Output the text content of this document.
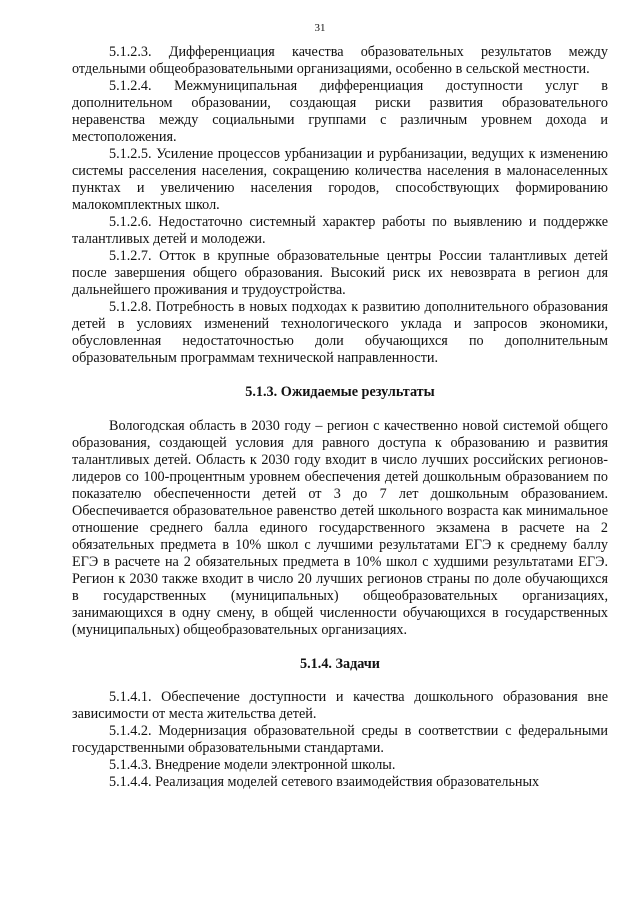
31

5.1.2.3. Дифференциация качества образовательных результатов между отдельными общеобразовательными организациями, особенно в сельской местности.

5.1.2.4. Межмуниципальная дифференциация доступности услуг в дополнительном образовании, создающая риски развития образовательного неравенства между социальными группами с различным уровнем дохода и местоположения.

5.1.2.5. Усиление процессов урбанизации и рурбанизации, ведущих к изменению системы расселения населения, сокращению количества населения в малонаселенных пунктах и увеличению населения городов, способствующих формированию малокомплектных школ.

5.1.2.6. Недостаточно системный характер работы по выявлению и поддержке талантливых детей и молодежи.

5.1.2.7. Отток в крупные образовательные центры России талантливых детей после завершения общего образования. Высокий риск их невозврата в регион для дальнейшего проживания и трудоустройства.

5.1.2.8. Потребность в новых подходах к развитию дополнительного образования детей в условиях изменений технологического уклада и запросов экономики, обусловленная недостаточностью доли обучающихся по дополнительным образовательным программам технической направленности.

5.1.3. Ожидаемые результаты

Вологодская область в 2030 году – регион с качественно новой системой общего образования, создающей условия для равного доступа к образованию и развития талантливых детей. Область к 2030 году входит в число лучших российских регионов-лидеров со 100-процентным уровнем обеспечения детей дошкольным образованием по показателю обеспеченности детей от 3 до 7 лет дошкольным образованием. Обеспечивается образовательное равенство детей школьного возраста как минимальное отношение среднего балла единого государственного экзамена в расчете на 2 обязательных предмета в 10% школ с лучшими результатами ЕГЭ к среднему баллу ЕГЭ в расчете на 2 обязательных предмета в 10% школ с худшими результатами ЕГЭ. Регион к 2030 также входит в число 20 лучших регионов страны по доле обучающихся в государственных (муниципальных) общеобразовательных организациях, занимающихся в одну смену, в общей численности обучающихся в государственных (муниципальных) общеобразовательных организациях.

5.1.4. Задачи

5.1.4.1. Обеспечение доступности и качества дошкольного образования вне зависимости от места жительства детей.

5.1.4.2. Модернизация образовательной среды в соответствии с федеральными государственными образовательными стандартами.

5.1.4.3. Внедрение модели электронной школы.

5.1.4.4. Реализация моделей сетевого взаимодействия образовательных
